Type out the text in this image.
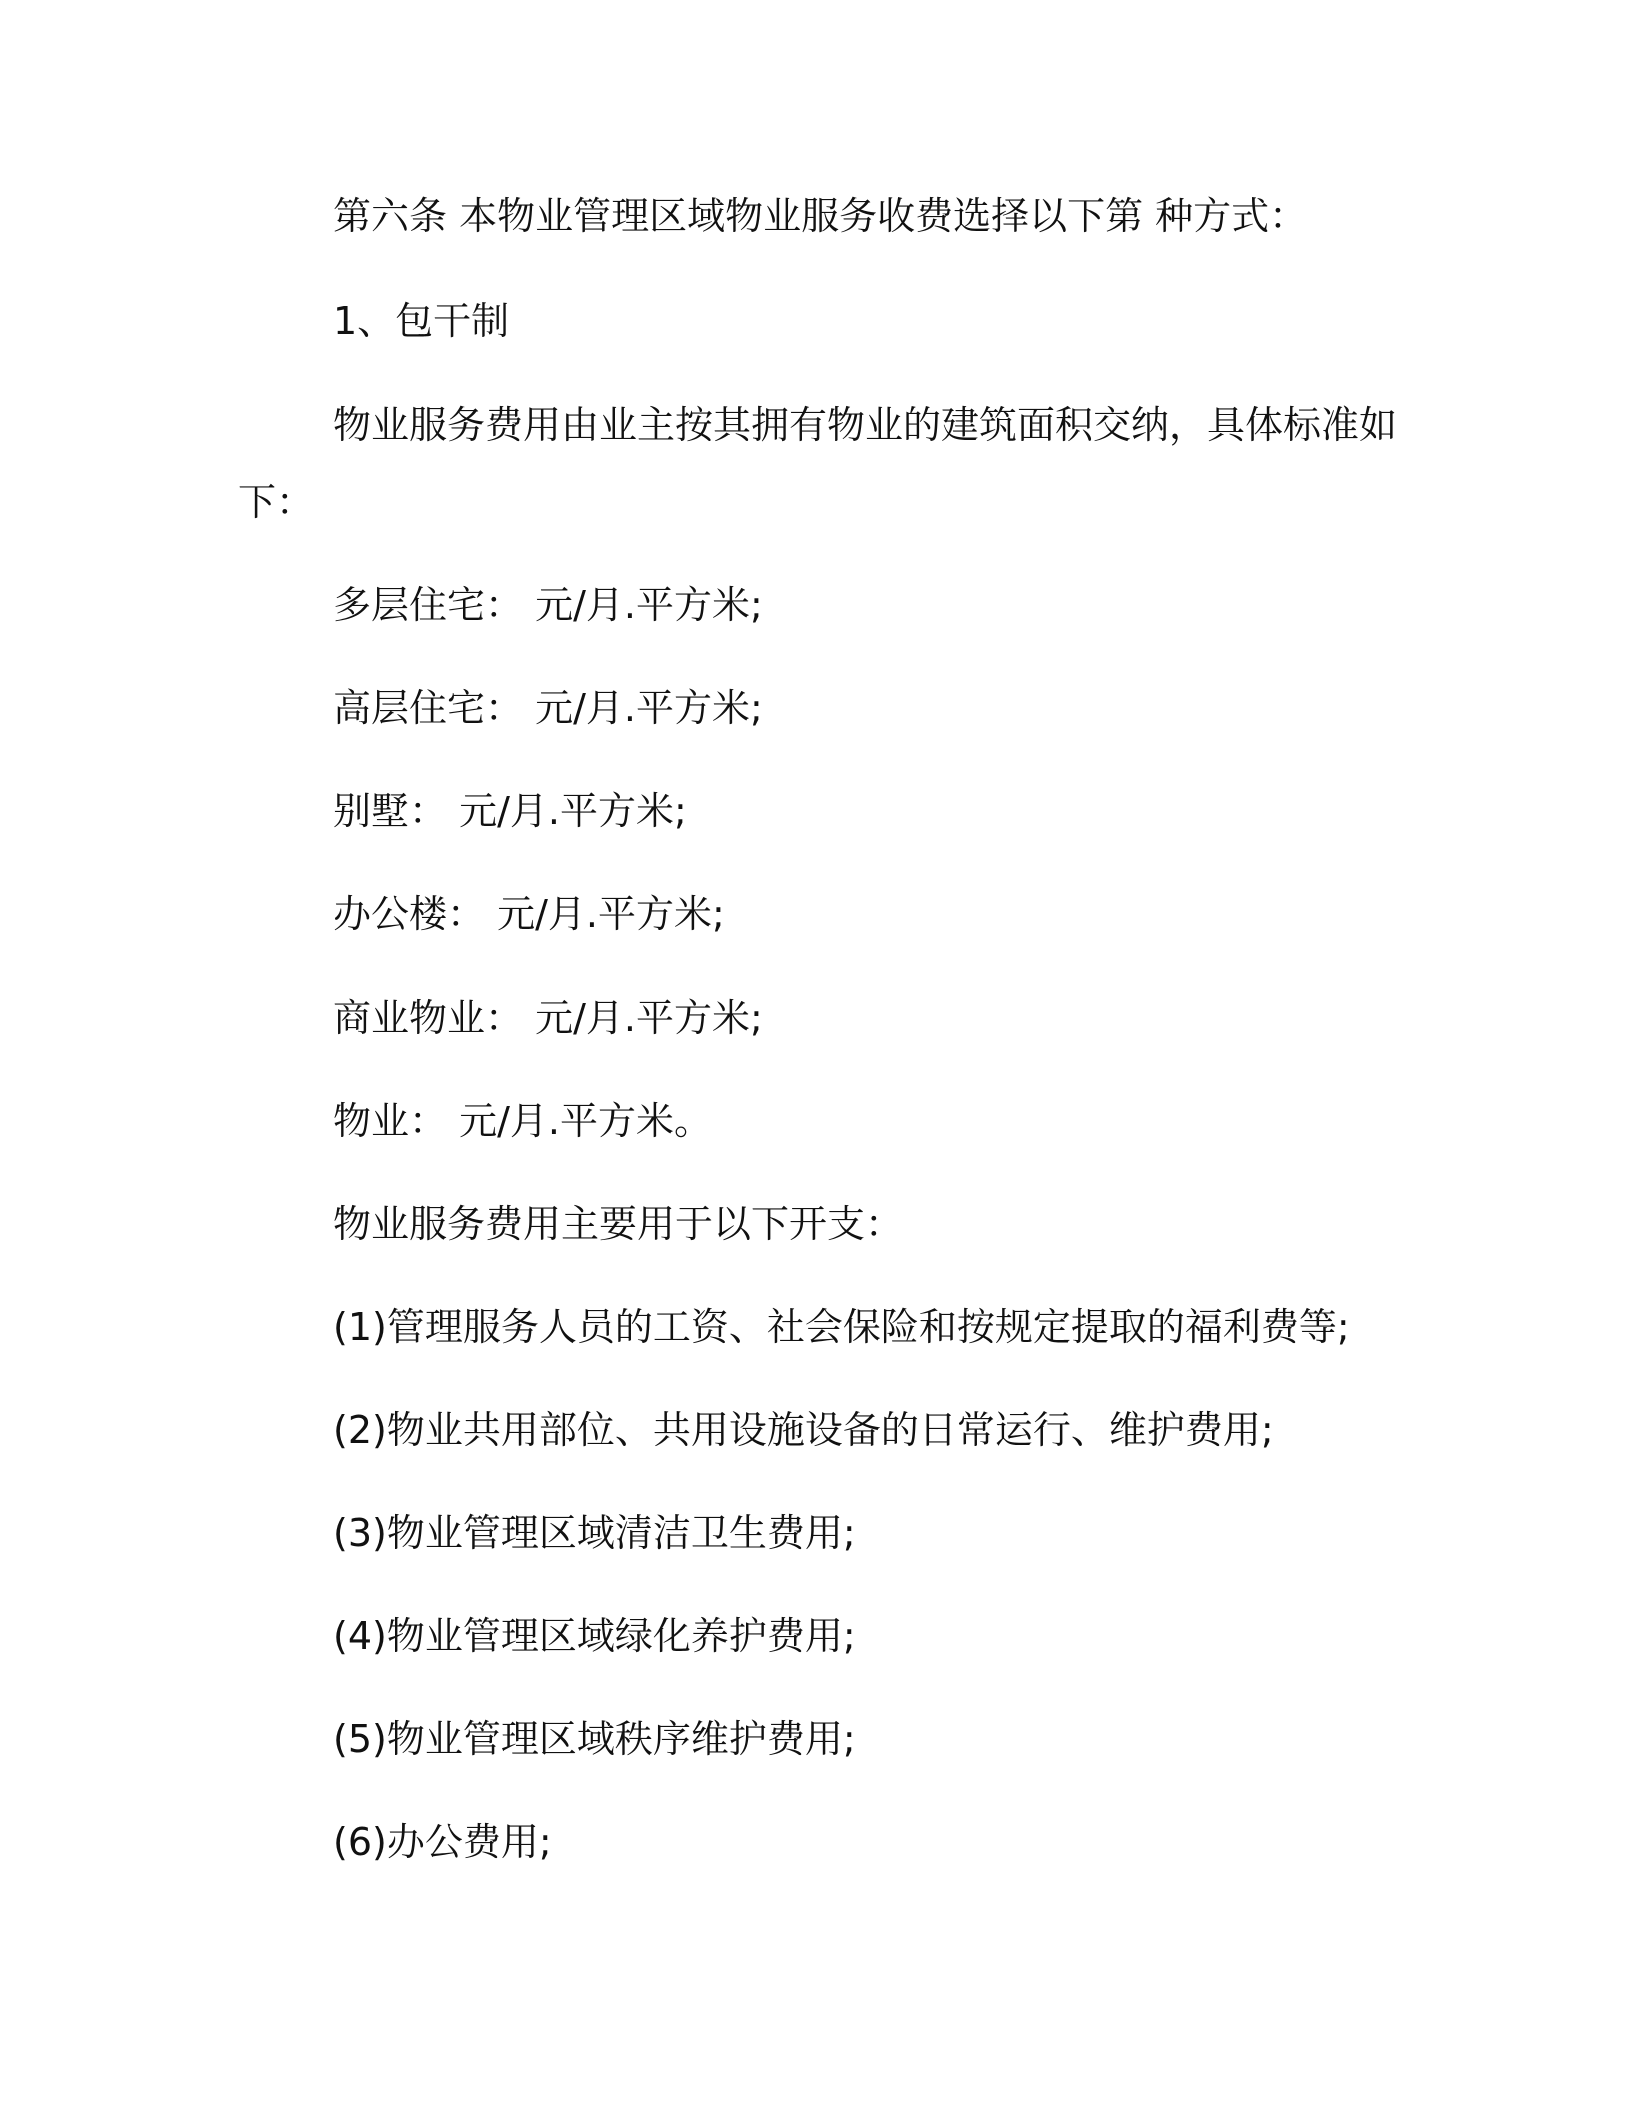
第六条 本物业管理区域物业服务收费选择以下第 种方式：

1、包干制

物业服务费用由业主按其拥有物业的建筑面积交纳，具体标准如

下：

多层住宅： 元/月.平方米;

高层住宅： 元/月.平方米;

别墅： 元/月.平方米;

办公楼： 元/月.平方米;

商业物业： 元/月.平方米;

物业： 元/月.平方米。

物业服务费用主要用于以下开支：

(1)管理服务人员的工资、社会保险和按规定提取的福利费等;

(2)物业共用部位、共用设施设备的日常运行、维护费用;

(3)物业管理区域清洁卫生费用;

(4)物业管理区域绿化养护费用;

(5)物业管理区域秩序维护费用;

(6)办公费用;
